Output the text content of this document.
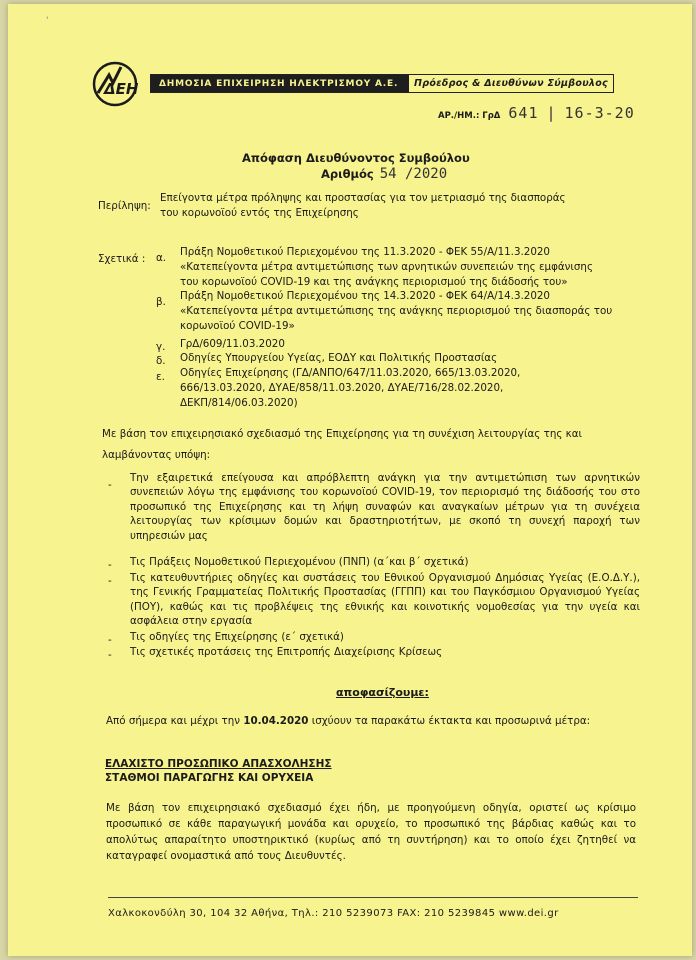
'
ΔΕΗ	ΔΗΜΟΣΙΑ ΕΠΙΧΕΙΡΗΣΗ ΗΛΕΚΤΡΙΣΜΟΥ Α.Ε.	Πρόεδρος & Διευθύνων Σύμβουλος
ΑΡ./ΗΜ.: ΓρΔ 641 | 16-3-20
Απόφαση Διευθύνοντος Συμβούλου
Αριθμός 54 /2020
Περίληψη:
Επείγοντα μέτρα πρόληψης και προστασίας για τον μετριασμό της διασποράς
του κορωνοϊού εντός της Επιχείρησης
Σχετικά : α. Πράξη Νομοθετικού Περιεχομένου της 11.3.2020 - ΦΕΚ 55/Α/11.3.2020
«Κατεπείγοντα μέτρα αντιμετώπισης των αρνητικών συνεπειών της εμφάνισης
του κορωνοϊού COVID-19 και της ανάγκης περιορισμού της διάδοσής του»
β. Πράξη Νομοθετικού Περιεχομένου της 14.3.2020 - ΦΕΚ 64/Α/14.3.2020
«Κατεπείγοντα μέτρα αντιμετώπισης της ανάγκης περιορισμού της διασποράς του
κορωνοϊού COVID-19»
γ. ΓρΔ/609/11.03.2020
δ. Οδηγίες Υπουργείου Υγείας, ΕΟΔΥ και Πολιτικής Προστασίας
ε. Οδηγίες Επιχείρησης (ΓΔ/ΑΝΠΟ/647/11.03.2020, 665/13.03.2020,
666/13.03.2020, ΔΥΑΕ/858/11.03.2020, ΔΥΑΕ/716/28.02.2020,
ΔΕΚΠ/814/06.03.2020)
Με βάση τον επιχειρησιακό σχεδιασμό της Επιχείρησης για τη συνέχιση λειτουργίας της και
λαμβάνοντας υπόψη:
-
Την εξαιρετικά επείγουσα και απρόβλεπτη ανάγκη για την αντιμετώπιση των αρνητικών συνεπειών λόγω της εμφάνισης του κορωνοϊού COVID-19, τον περιορισμό της διάδοσής του στο προσωπικό της Επιχείρησης και τη λήψη συναφών και αναγκαίων μέτρων για τη συνέχεια λειτουργίας των κρίσιμων δομών και δραστηριοτήτων, με σκοπό τη συνεχή παροχή των υπηρεσιών μας
- Τις Πράξεις Νομοθετικού Περιεχομένου (ΠΝΠ) (α΄και β΄ σχετικά)
- Τις κατευθυντήριες οδηγίες και συστάσεις του Εθνικού Οργανισμού Δημόσιας Υγείας (Ε.Ο.Δ.Υ.), της Γενικής Γραμματείας Πολιτικής Προστασίας (ΓΓΠΠ) και του Παγκόσμιου Οργανισμού Υγείας (ΠΟΥ), καθώς και τις προβλέψεις της εθνικής και κοινοτικής νομοθεσίας για την υγεία και ασφάλεια στην εργασία
- Τις οδηγίες της Επιχείρησης (ε΄ σχετικά)
- Τις σχετικές προτάσεις της Επιτροπής Διαχείρισης Κρίσεως
αποφασίζουμε:
Από σήμερα και μέχρι την 10.04.2020 ισχύουν τα παρακάτω έκτακτα και προσωρινά μέτρα:
ΕΛΑΧΙΣΤΟ ΠΡΟΣΩΠΙΚΟ ΑΠΑΣΧΟΛΗΣΗΣ
ΣΤΑΘΜΟΙ ΠΑΡΑΓΩΓΗΣ ΚΑΙ ΟΡΥΧΕΙΑ
Με βάση τον επιχειρησιακό σχεδιασμό έχει ήδη, με προηγούμενη οδηγία, οριστεί ως κρίσιμο προσωπικό σε κάθε παραγωγική μονάδα και ορυχείο, το προσωπικό της βάρδιας καθώς και το απολύτως απαραίτητο υποστηρικτικό (κυρίως από τη συντήρηση) και το οποίο έχει ζητηθεί να καταγραφεί ονομαστικά από τους Διευθυντές.
Χαλκοκονδύλη 30, 104 32 Αθήνα, Τηλ.: 210 5239073 FAX: 210 5239845 www.dei.gr
